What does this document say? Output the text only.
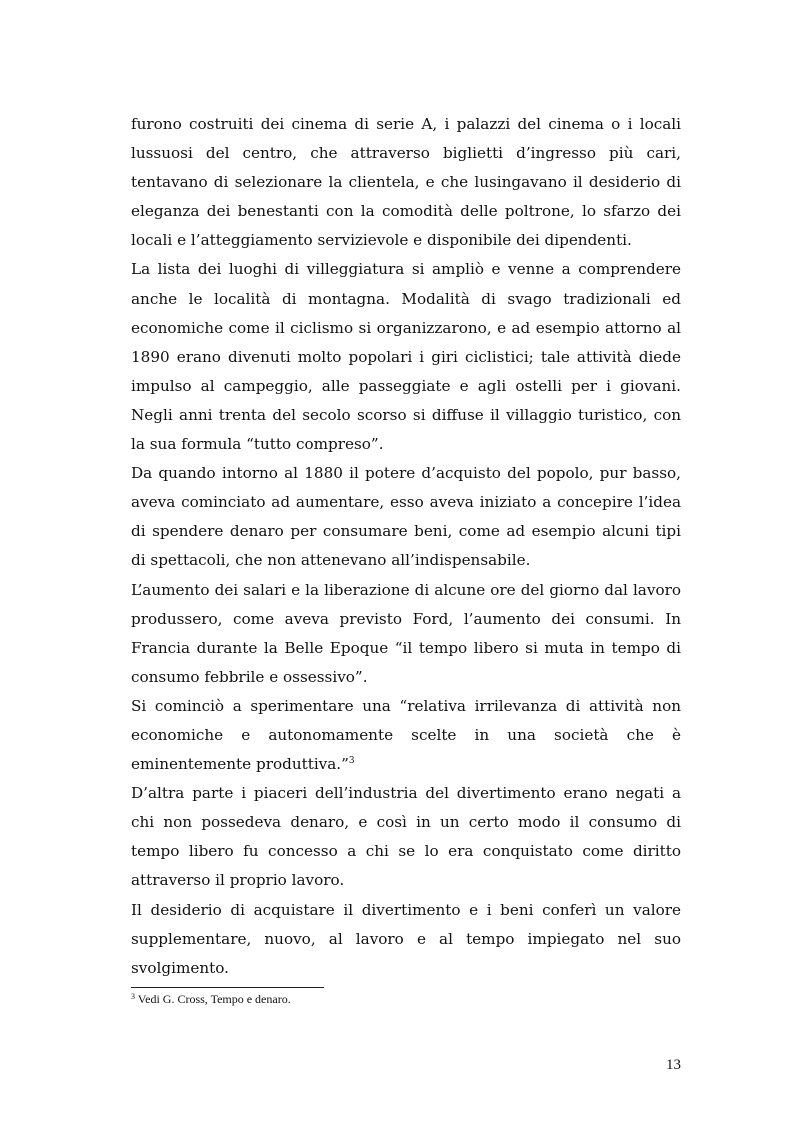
furono costruiti dei cinema di serie A, i palazzi del cinema o i locali lussuosi del centro, che attraverso biglietti d’ingresso più cari, tentavano di selezionare la clientela, e che lusingavano il desiderio di eleganza dei benestanti con la comodità delle poltrone, lo sfarzo dei locali e l’atteggiamento servizievole e disponibile dei dipendenti.

La lista dei luoghi di villeggiatura si ampliò e venne a comprendere anche le località di montagna. Modalità di svago tradizionali ed economiche come il ciclismo si organizzarono, e ad esempio attorno al 1890 erano divenuti molto popolari i giri ciclistici; tale attività diede impulso al campeggio, alle passeggiate e agli ostelli per i giovani. Negli anni trenta del secolo scorso si diffuse il villaggio turistico, con la sua formula “tutto compreso”.

Da quando intorno al 1880 il potere d’acquisto del popolo, pur basso, aveva cominciato ad aumentare, esso aveva iniziato a concepire l’idea di spendere denaro per consumare beni, come ad esempio alcuni tipi di spettacoli, che non attenevano all’indispensabile.

L’aumento dei salari e la liberazione di alcune ore del giorno dal lavoro produssero, come aveva previsto Ford, l’aumento dei consumi. In Francia durante la Belle Epoque “il tempo libero si muta in tempo di consumo febbrile e ossessivo”.

Si cominciò a sperimentare una “relativa irrilevanza di attività non economiche e autonomamente scelte in una società che è eminentemente produttiva.”$^3$

D’altra parte i piaceri dell’industria del divertimento erano negati a chi non possedeva denaro, e così in un certo modo il consumo di tempo libero fu concesso a chi se lo era conquistato come diritto attraverso il proprio lavoro.

Il desiderio di acquistare il divertimento e i beni conferì un valore supplementare, nuovo, al lavoro e al tempo impiegato nel suo svolgimento.

$^3$ Vedi G. Cross, Tempo e denaro.
13
